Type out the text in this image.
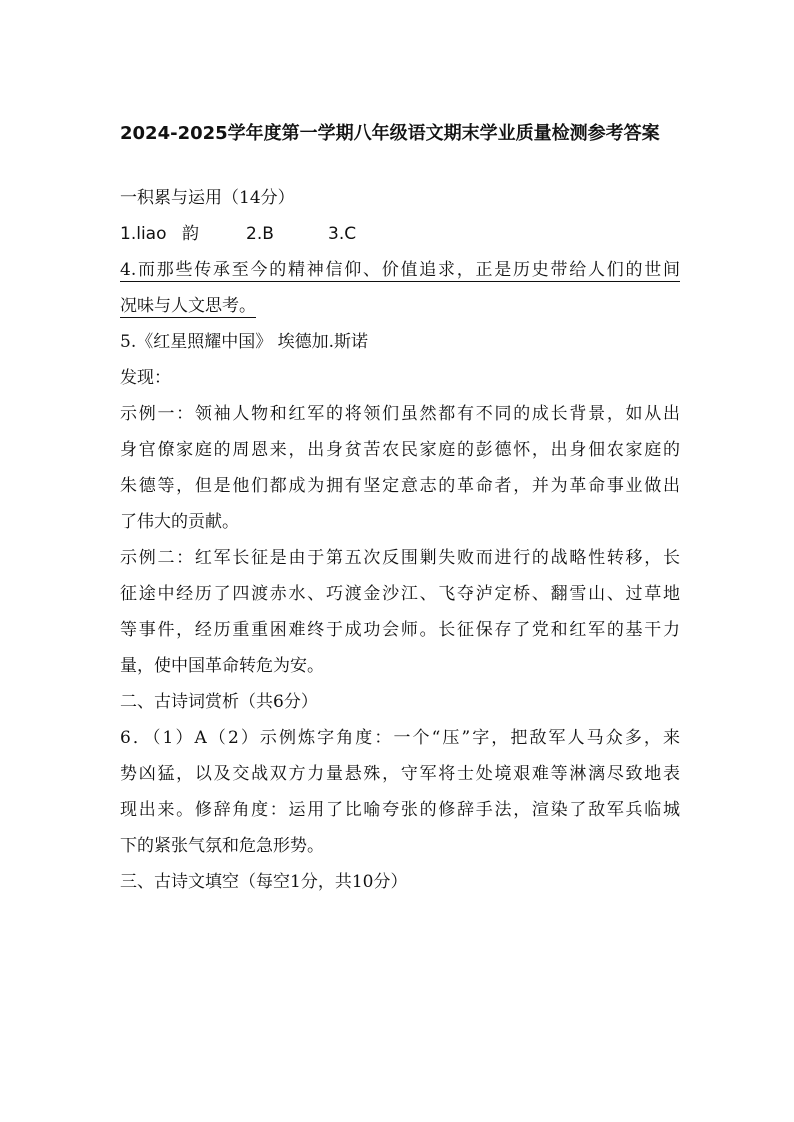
2024-2025学年度第一学期八年级语文期末学业质量检测参考答案
一积累与运用（14分）
1.liao 韵	2.B	3.C
4.而那些传承至今的精神信仰、价值追求，正是历史带给人们的世间
况味与人文思考。
5.《红星照耀中国》 埃德加.斯诺
发现：
示例一：领袖人物和红军的将领们虽然都有不同的成长背景，如从出
身官僚家庭的周恩来，出身贫苦农民家庭的彭德怀，出身佃农家庭的
朱德等，但是他们都成为拥有坚定意志的革命者，并为革命事业做出
了伟大的贡献。
示例二：红军长征是由于第五次反围剿失败而进行的战略性转移，长
征途中经历了四渡赤水、巧渡金沙江、飞夺泸定桥、翻雪山、过草地
等事件，经历重重困难终于成功会师。长征保存了党和红军的基干力
量，使中国革命转危为安。
二、古诗词赏析（共6分）
6．（1）A（2）示例炼字角度：一个“压”字，把敌军人马众多，来
势凶猛，以及交战双方力量悬殊，守军将士处境艰难等淋漓尽致地表
现出来。修辞角度：运用了比喻夸张的修辞手法，渲染了敌军兵临城
下的紧张气氛和危急形势。
三、古诗文填空（每空1分，共10分）
